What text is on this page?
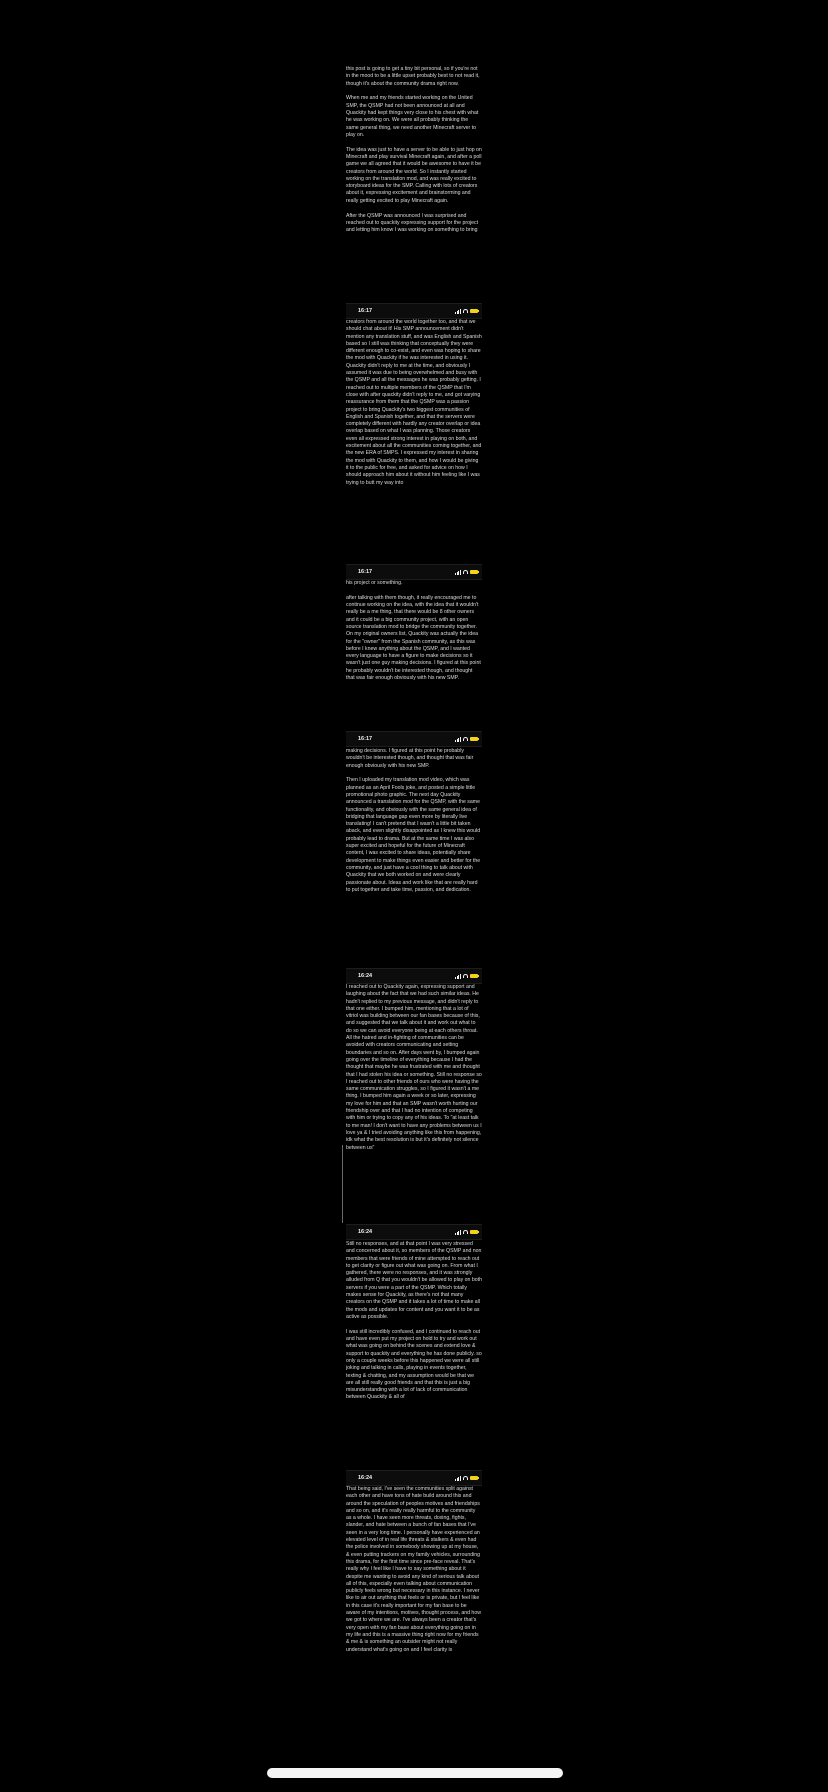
this post is going to get a tiny bit personal, so if you're not in the mood to be a little upset probably best to not read it, though it's about the community drama right now.

When me and my friends started working on the United SMP, the QSMP had not been announced at all and Quackity had kept things very close to his chest with what he was working on. We were all probably thinking the same general thing, we need another Minecraft server to play on.

The idea was just to have a server to be able to just hop on Minecraft and play survival Minecraft again, and after a poll game we all agreed that it would be awesome to have it be creators from around the world. So I instantly started working on the translation mod, and was really excited to storyboard ideas for the SMP. Calling with lots of creators about it, expressing excitement and brainstorming and really getting excited to play Minecraft again.

After the QSMP was announced I was surprised and reached out to quackity expressing support for the project and letting him know I was working on something to bring

16:17

creators from around the world together too, and that we should chat about it! His SMP announcement didn't mention any translation stuff, and was English and Spanish based so I still was thinking that conceptually they were different enough to co-exist, and even was hoping to share the mod with Quackity if he was interested in using it. Quackity didn't reply to me at the time, and obviously I assumed it was due to being overwhelmed and busy with the QSMP and all the messages he was probably getting. I reached out to multiple members of the QSMP that I'm close with after quackity didn't reply to me, and got varying reassurance from them that the QSMP was a passion project to bring Quackity's two biggest communities of English and Spanish together, and that the servers were completely different with hardly any creator overlap or idea overlap based on what I was planning. Those creators even all expressed strong interest in playing on both, and excitement about all the communities coming together, and the new ERA of SMPS. I expressed my interest in sharing the mod with Quackity to them, and how I would be giving it to the public for free, and asked for advice on how I should approach him about it without him feeling like I was trying to butt my way into

16:17

his project or something.

after talking with them though, it really encouraged me to continue working on the idea, with the idea that it wouldn't really be a me thing, that there would be 8 other owners and it could be a big community project, with an open source translation mod to bridge the community together. On my original owners list, Quackity was actually the idea for the "owner" from the Spanish community, as this was before I knew anything about the QSMP, and I wanted every language to have a figure to make decisions so it wasn't just one guy making decisions. I figured at this point he probably wouldn't be interested though, and thought that was fair enough obviously with his new SMP.

16:17

making decisions. I figured at this point he probably wouldn't be interested though, and thought that was fair enough obviously with his new SMP.

Then I uploaded my translation mod video, which was planned as an April Fools joke, and posted a simple little promotional photo graphic. The next day Quackity announced a translation mod for the QSMP, with the same functionality, and obviously with the same general idea of bridging that language gap even more by literally live translating! I can't pretend that I wasn't a little bit taken aback, and even slightly disappointed as I knew this would probably lead to drama. But at the same time I was also super excited and hopeful for the future of Minecraft content, I was excited to share ideas, potentially share development to make things even easier and better for the community, and just have a cool thing to talk about with Quackity that we both worked on and were clearly passionate about. Ideas and work like that are really hard to put together and take time, passion, and dedication.

16:24

I reached out to Quackity again, expressing support and laughing about the fact that we had such similar ideas. He hadn't replied to my previous message, and didn't reply to that one either. I bumped him, mentioning that a lot of vitriol was building between our fan bases because of this, and suggested that we talk about it and work out what to do so we can avoid everyone being at each others throat. All the hatred and in-fighting of communities can be avoided with creators communicating and setting boundaries and so on. After days went by, I bumped again going over the timeline of everything because I had the thought that maybe he was frustrated with me and thought that I had stolen his idea or something. Still no response so I reached out to other friends of ours who were having the same communication struggles, so I figured it wasn't a me thing. I bumped him again a week or so later, expressing my love for him and that an SMP wasn't worth hurting our friendship over and that I had no intention of competing with him or trying to copy any of his ideas. To "at least talk to me man! I don't want to have any problems between us I love ya & I tried avoiding anything like this from happening, idk what the best resolution is but it's definitely not silence between us"

16:24

Still no responses, and at that point I was very stressed and concerned about it, so members of the QSMP and non members that were friends of mine attempted to reach out to get clarity or figure out what was going on. From what I gathered, there were no responses, and it was strongly alluded from Q that you wouldn't be allowed to play on both servers if you were a part of the QSMP. Which totally makes sense for Quackity, as there's not that many creators on the QSMP and it takes a lot of time to make all the mods and updates for content and you want it to be as active as possible.

I was still incredibly confused, and I continued to reach out and have even put my project on hold to try and work out what was going on behind the scenes and extend love & support to quackity and everything he has done publicly. so only a couple weeks before this happened we were all still joking and talking in calls, playing in events together, texting & chatting, and my assumption would be that we are all still really good friends and that this is just a big misunderstanding with a lot of lack of communication between Quackity & all of

16:24

That being said, I've seen the communities split against each other and have tons of hate build around this and around the speculation of peoples motives and friendships and so on, and it's really really harmful to the community as a whole. I have seen more threats, doxing, fights, slander, and hate between a bunch of fan bases that I've seen in a very long time. I personally have experienced an elevated level of in real life threats & stalkers & even had the police involved in somebody showing up at my house, & even putting trackers on my family vehicles, surrounding this drama, for the first time since pre-face reveal. That's really why I feel like I have to say something about it despite me wanting to avoid any kind of serious talk about all of this, especially even talking about communication publicly feels wrong but necessary in this instance. I never like to air out anything that feels or is private, but I feel like in this case it's really important for my fan base to be aware of my intentions, motives, thought process, and how we got to where we are. I've always been a creator that's very open with my fan base about everything going on in my life and this is a massive thing right now for my friends & me & is something an outsider might not really understand what's going on and I feel clarity is
